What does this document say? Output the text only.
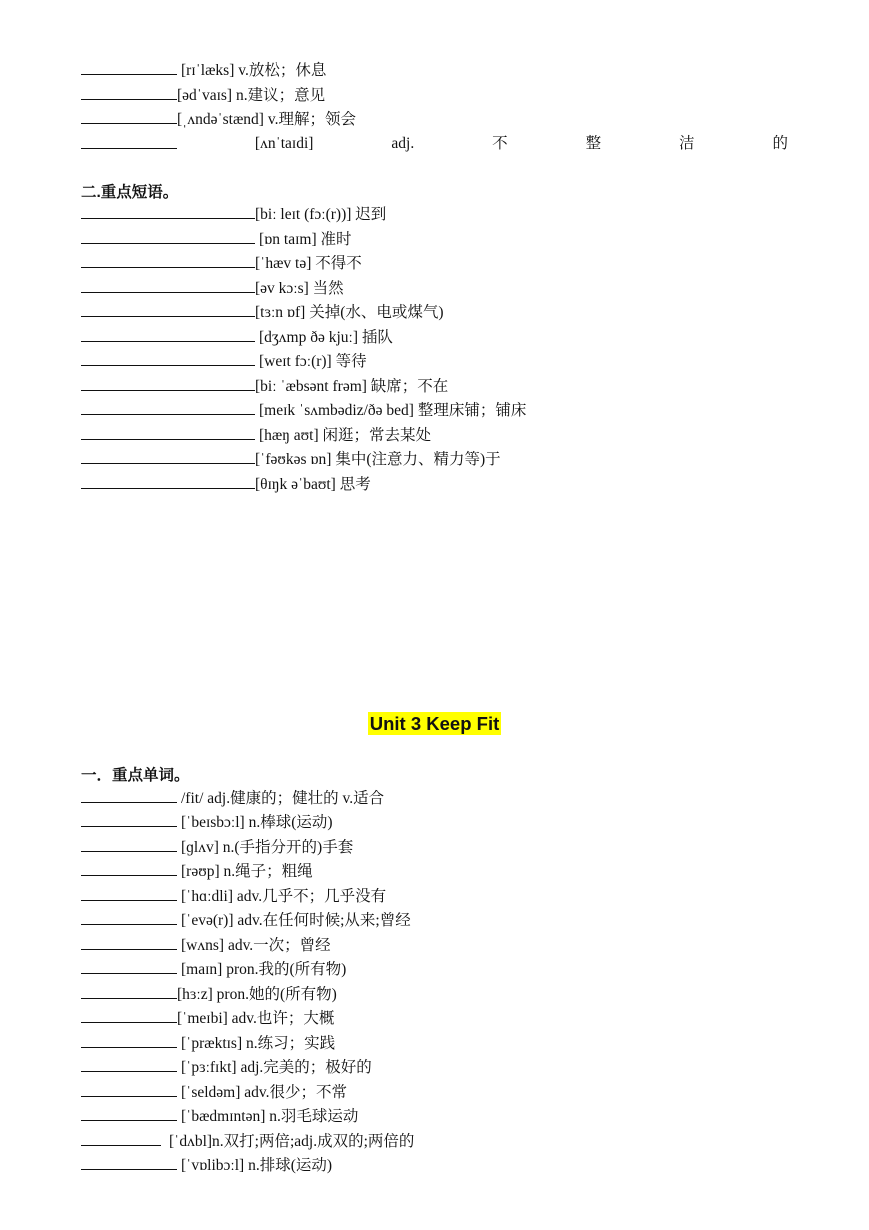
[rɪˈlæks] v.放松；休息
[ədˈvaɪs] n.建议；意见
[ˌʌndəˈstænd] v.理解；领会
[ʌnˈtaɪdi]	adj.	不	整	洁	的
二.重点短语。
[biː leɪt (fɔː(r))] 迟到
[ɒn taɪm] 准时
[ˈhæv tə] 不得不
[əv kɔːs] 当然
[tɜːn ɒf] 关掉(水、电或煤气)
[dʒʌmp ðə kjuː] 插队
[weɪt fɔː(r)] 等待
[biː ˈæbsənt frəm] 缺席；不在
[meɪk ˈsʌmbədiz/ðə bed] 整理床铺；铺床
[hæŋ aʊt] 闲逛；常去某处
[ˈfəʊkəs ɒn] 集中(注意力、精力等)于
[θɪŋk əˈbaʊt] 思考
Unit 3 Keep Fit
一．重点单词。
/fit/ adj.健康的；健壮的 v.适合
[ˈbeɪsbɔːl] n.棒球(运动)
[ɡlʌv] n.(手指分开的)手套
[rəʊp] n.绳子；粗绳
[ˈhɑːdli] adv.几乎不；几乎没有
[ˈevə(r)] adv.在任何时候;从来;曾经
[wʌns] adv.一次；曾经
[maɪn] pron.我的(所有物)
[hɜːz] pron.她的(所有物)
[ˈmeɪbi] adv.也许；大概
[ˈpræktɪs] n.练习；实践
[ˈpɜːfɪkt] adj.完美的；极好的
[ˈseldəm] adv.很少；不常
[ˈbædmɪntən] n.羽毛球运动
[ˈdʌbl]n.双打;两倍;adj.成双的;两倍的
[ˈvɒlibɔːl] n.排球(运动)
